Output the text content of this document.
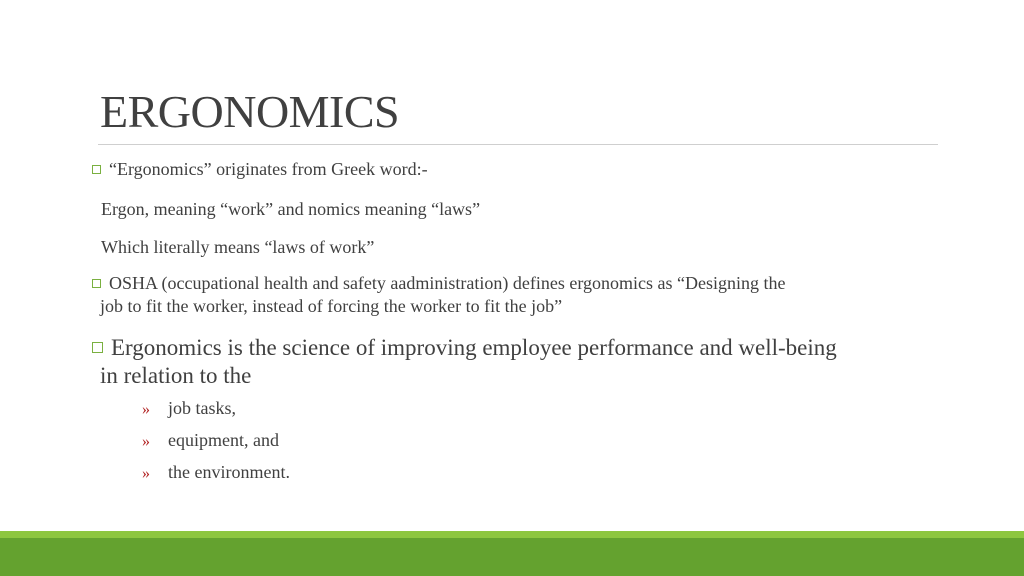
ERGONOMICS
“Ergonomics” originates from Greek word:-
Ergon, meaning “work” and nomics meaning “laws”
Which literally means “laws of work”
OSHA (occupational health and safety aadministration) defines ergonomics as “Designing the
job to fit the worker, instead of forcing the worker to fit the job”
Ergonomics is the science of improving employee performance and well-being
in relation to the
» job tasks,
» equipment, and
» the environment.
